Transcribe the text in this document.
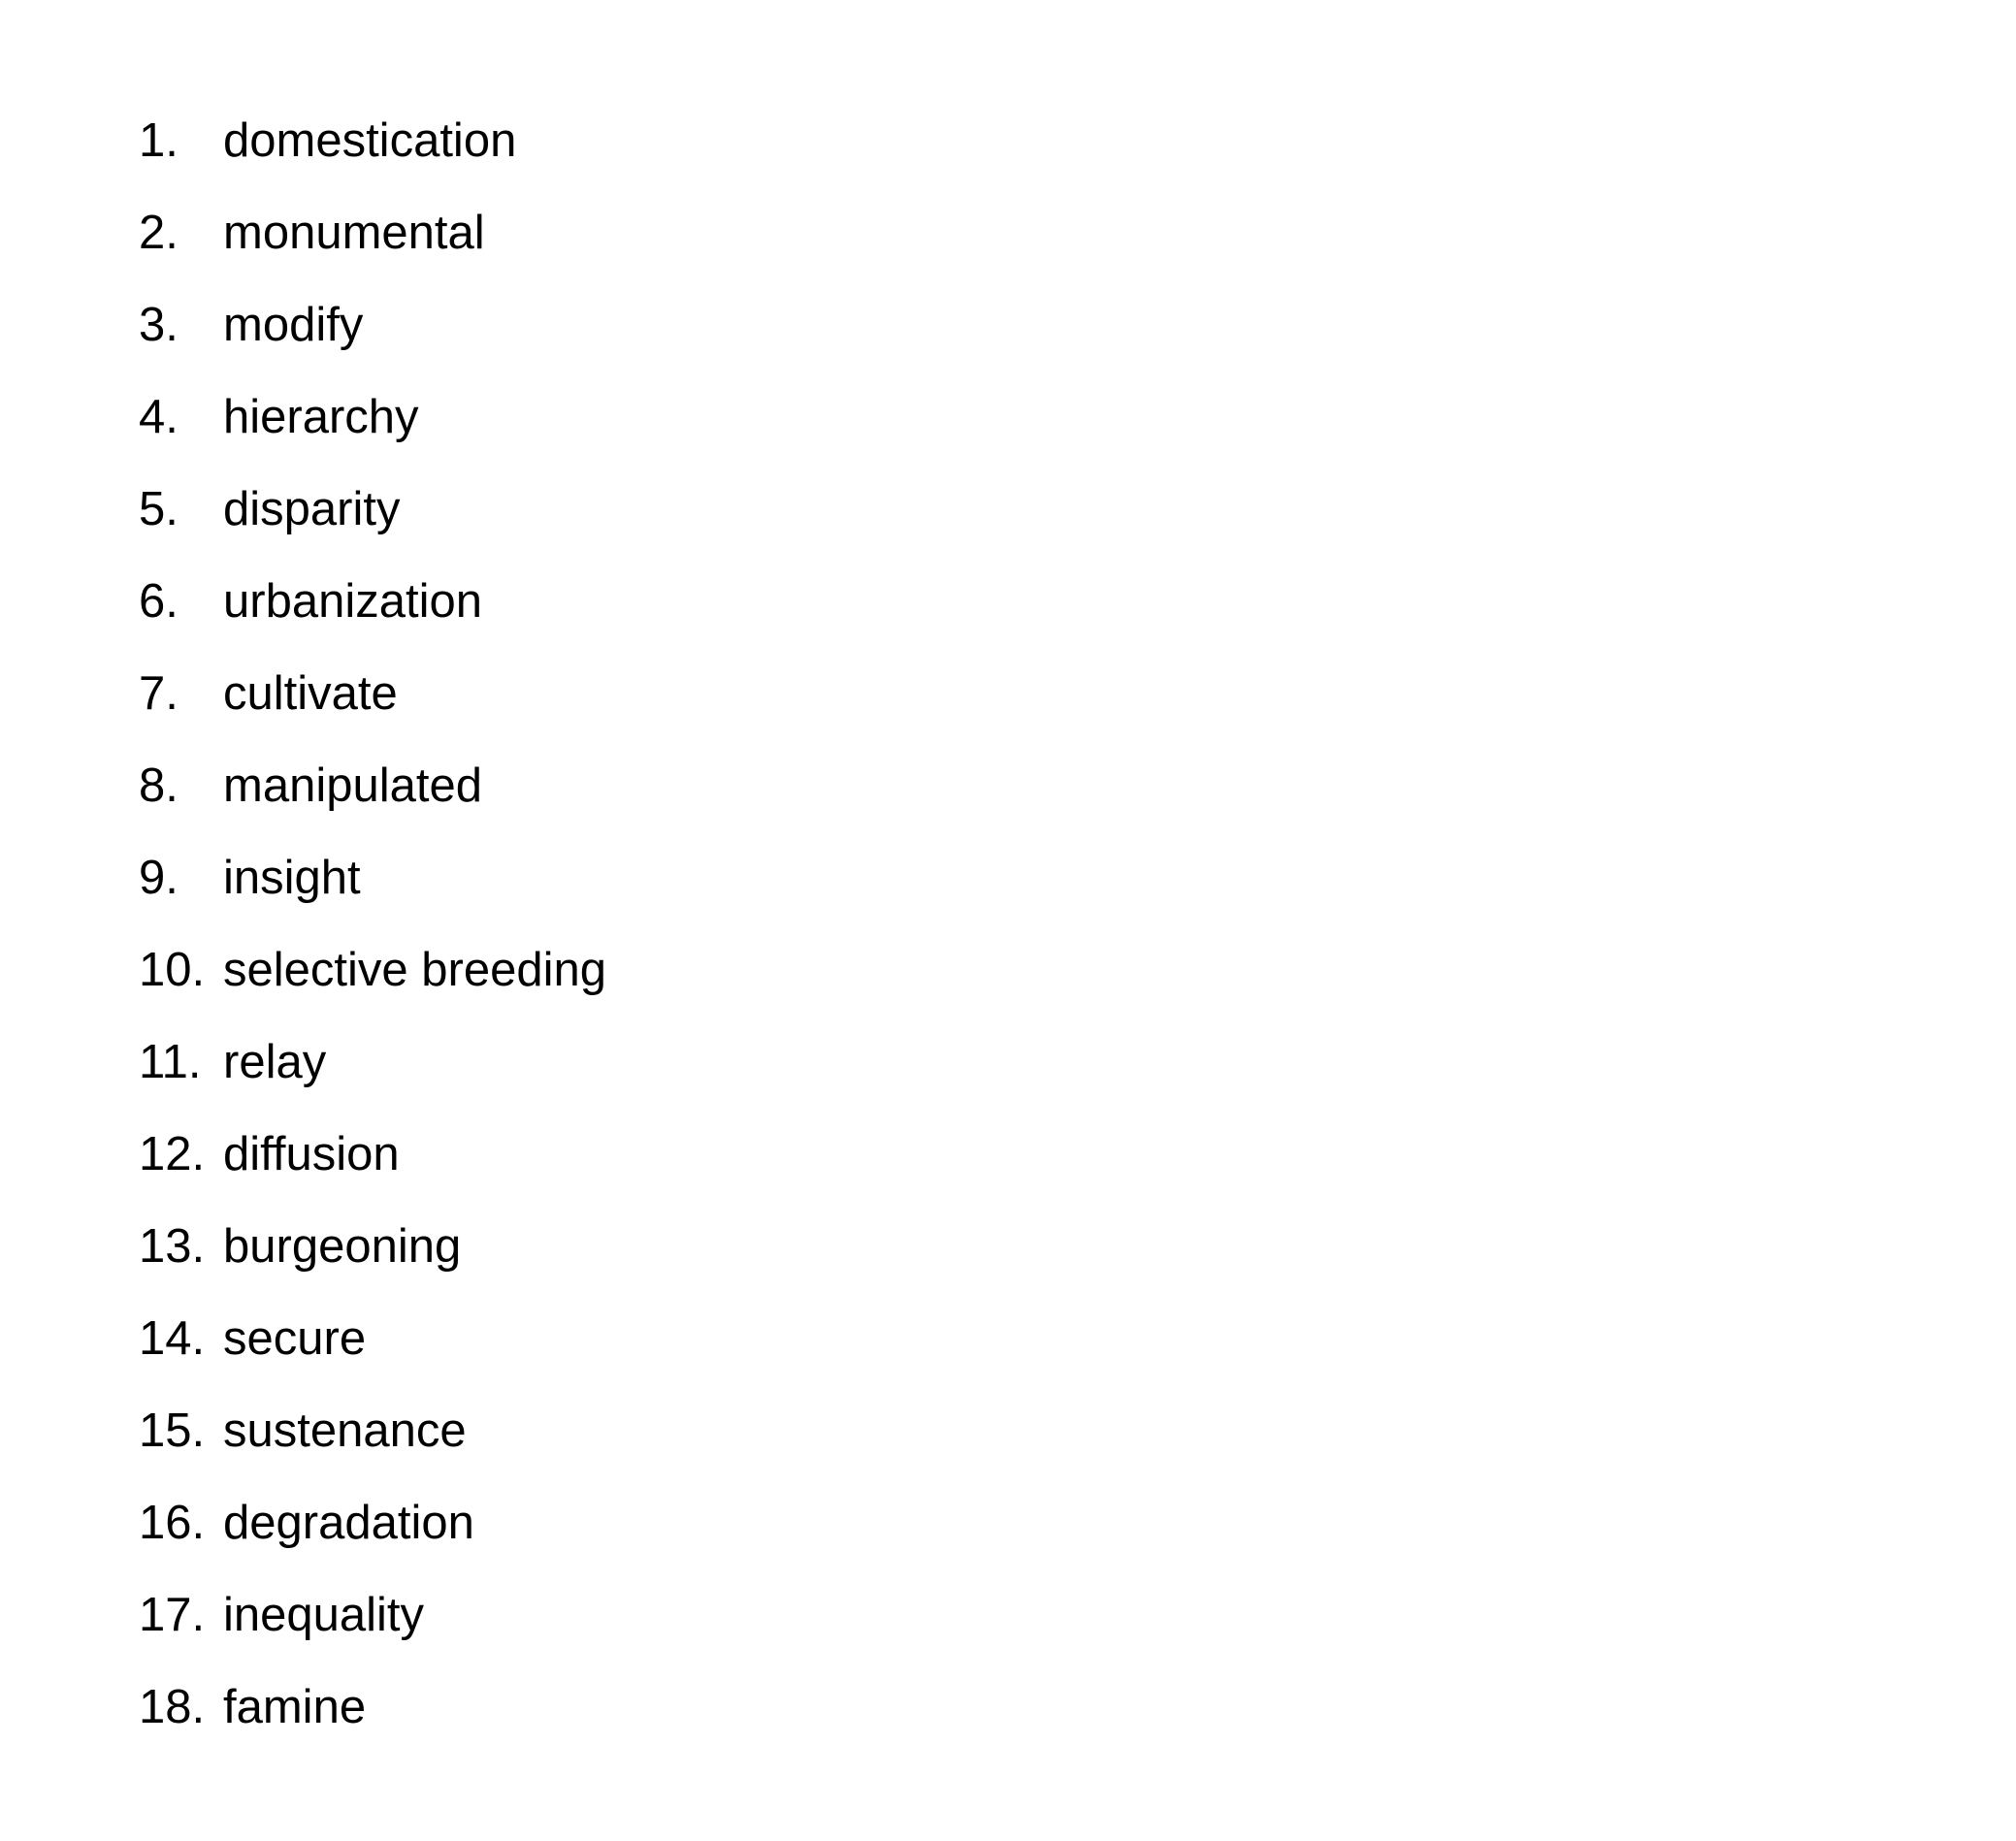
1. domestication
2. monumental
3. modify
4. hierarchy
5. disparity
6. urbanization
7. cultivate
8. manipulated
9. insight
10. selective breeding
11. relay
12. diffusion
13. burgeoning
14. secure
15. sustenance
16. degradation
17. inequality
18. famine
